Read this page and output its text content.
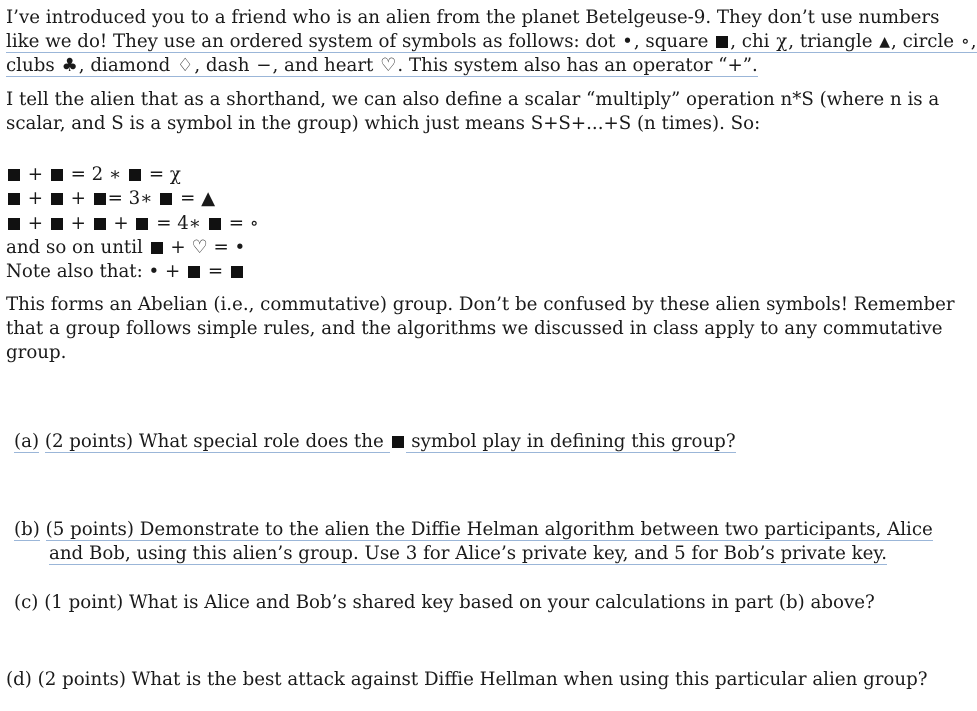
I’ve introduced you to a friend who is an alien from the planet Betelgeuse-9. They don’t use numbers
like we do! They use an ordered system of symbols as follows: dot •, square , chi χ, triangle ▲, circle ∘,
clubs ♣, diamond ♢, dash −, and heart ♡. This system also has an operator “+”.
I tell the alien that as a shorthand, we can also define a scalar “multiply” operation n*S (where n is a
scalar, and S is a symbol in the group) which just means S+S+...+S (n times). So:
+  = 2 ∗  = χ
+  + = 3∗  = ▲
+  +  +  = 4∗  = ∘
and so on until  + ♡ = •
Note also that: • +  =
This forms an Abelian (i.e., commutative) group. Don’t be confused by these alien symbols! Remember
that a group follows simple rules, and the algorithms we discussed in class apply to any commutative
group.
(a) (2 points) What special role does the  symbol play in defining this group?
(b) (5 points) Demonstrate to the alien the Diffie Helman algorithm between two participants, Alice
and Bob, using this alien’s group. Use 3 for Alice’s private key, and 5 for Bob’s private key.
(c) (1 point) What is Alice and Bob’s shared key based on your calculations in part (b) above?
(d) (2 points) What is the best attack against Diffie Hellman when using this particular alien group?
